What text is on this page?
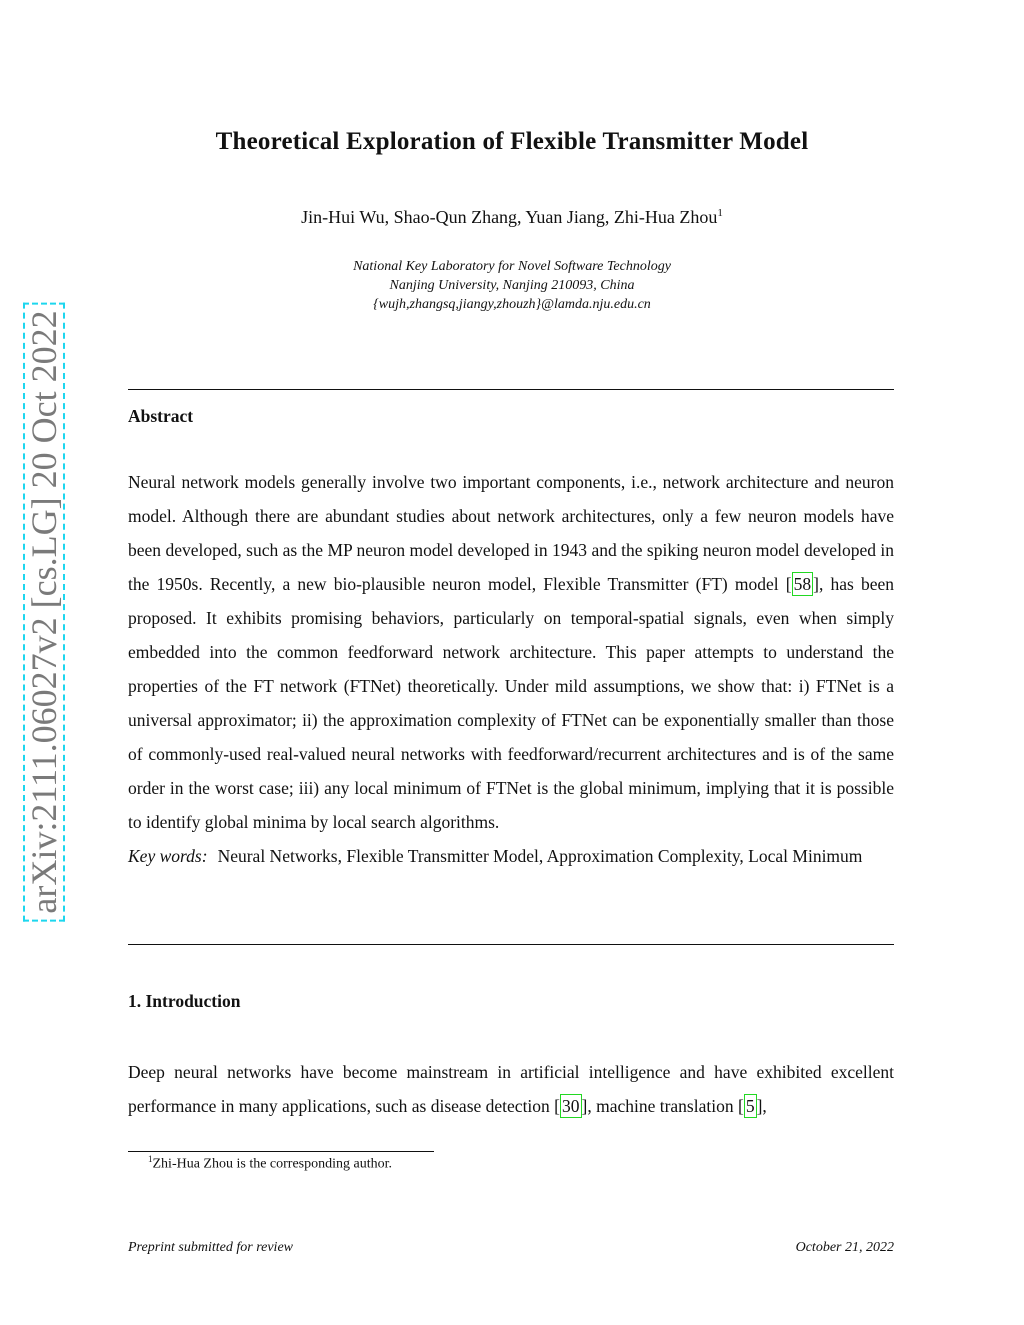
arXiv:2111.06027v2 [cs.LG] 20 Oct 2022
Theoretical Exploration of Flexible Transmitter Model
Jin-Hui Wu, Shao-Qun Zhang, Yuan Jiang, Zhi-Hua Zhou$^1$
National Key Laboratory for Novel Software Technology
Nanjing University, Nanjing 210093, China
{wujh,zhangsq,jiangy,zhouzh}@lamda.nju.edu.cn
Abstract
Neural network models generally involve two important components, i.e., network architecture and neuron model. Although there are abundant studies about network architectures, only a few neuron models have been developed, such as the MP neuron model developed in 1943 and the spiking neuron model developed in the 1950s. Recently, a new bio-plausible neuron model, Flexible Transmitter (FT) model [ 58 ], has been proposed. It exhibits promising behaviors, particularly on temporal-spatial signals, even when simply embedded into the common feedforward network architecture. This paper attempts to understand the properties of the FT network (FTNet) theoretically. Under mild assumptions, we show that: i) FTNet is a universal approximator; ii) the approximation complexity of FTNet can be exponentially smaller than those of commonly-used real-valued neural networks with feedforward/recurrent architectures and is of the same order in the worst case; iii) any local minimum of FTNet is the global minimum, implying that it is possible to identify global minima by local search algorithms.
Key words: Neural Networks, Flexible Transmitter Model, Approximation Complexity, Local Minimum
1. Introduction
Deep neural networks have become mainstream in artificial intelligence and have exhibited excellent performance in many applications, such as disease detection [ 30 ], machine translation [ 5 ],
$^1$Zhi-Hua Zhou is the corresponding author.
Preprint submitted for review	October 21, 2022
